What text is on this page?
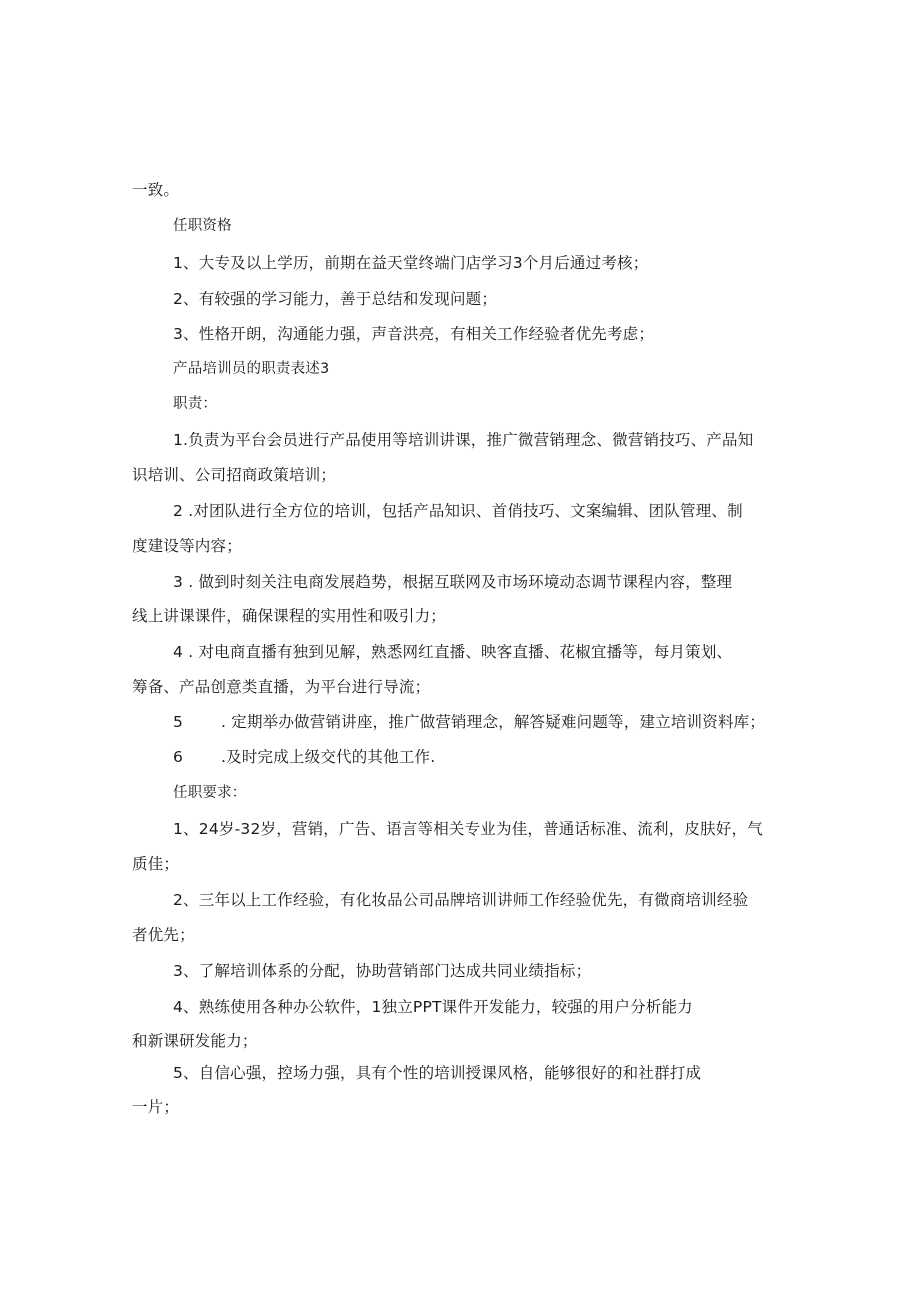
一致。
任职资格
1、大专及以上学历，前期在益天堂终端门店学习3个月后通过考核；
2、有较强的学习能力，善于总结和发现问题；
3、性格开朗，沟通能力强，声音洪亮，有相关工作经验者优先考虑；
产品培训员的职责表述3
职责：
1.负责为平台会员进行产品使用等培训讲课，推广微营销理念、微营销技巧、产品知
识培训、公司招商政策培训；
2 .对团队进行全方位的培训，包括产品知识、首俏技巧、文案编辑、团队管理、制
度建设等内容；
3 . 做到时刻关注电商发展趋势，根据互联网及市场环境动态调节课程内容，整理
线上讲课课件，确保课程的实用性和吸引力；
4 . 对电商直播有独到见解，熟悉网红直播、映客直播、花椒宜播等，每月策划、
筹备、产品创意类直播，为平台进行导流；
5 . 定期举办做营销讲座，推广做营销理念，解答疑难问题等，建立培训资料库；
6 .及时完成上级交代的其他工作.
任职要求：
1、24岁-32岁，营销，广告、语言等相关专业为佳，普通话标准、流利，皮肤好，气
质佳；
2、三年以上工作经验，有化妆品公司品牌培训讲师工作经验优先，有微商培训经验
者优先；
3、了解培训体系的分配，协助营销部门达成共同业绩指标；
4、熟练使用各种办公软件，1独立PPT课件开发能力，较强的用户分析能力
和新课研发能力；
5、自信心强，控场力强，具有个性的培训授课风格，能够很好的和社群打成
一片；
